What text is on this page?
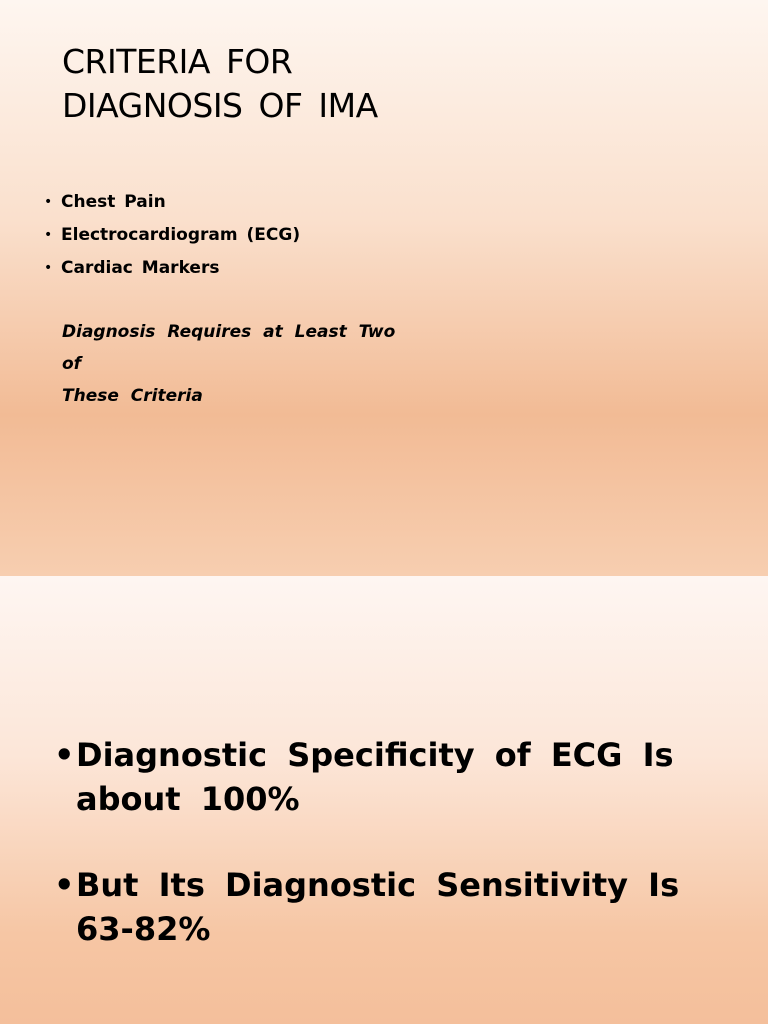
CRITERIA FOR
DIAGNOSIS OF IMA
• Chest Pain
• Electrocardiogram (ECG)
• Cardiac Markers

Diagnosis Requires at Least Two of
These Criteria

• Diagnostic Specificity of ECG Is
about 100%
• But Its Diagnostic Sensitivity Is
63-82%
